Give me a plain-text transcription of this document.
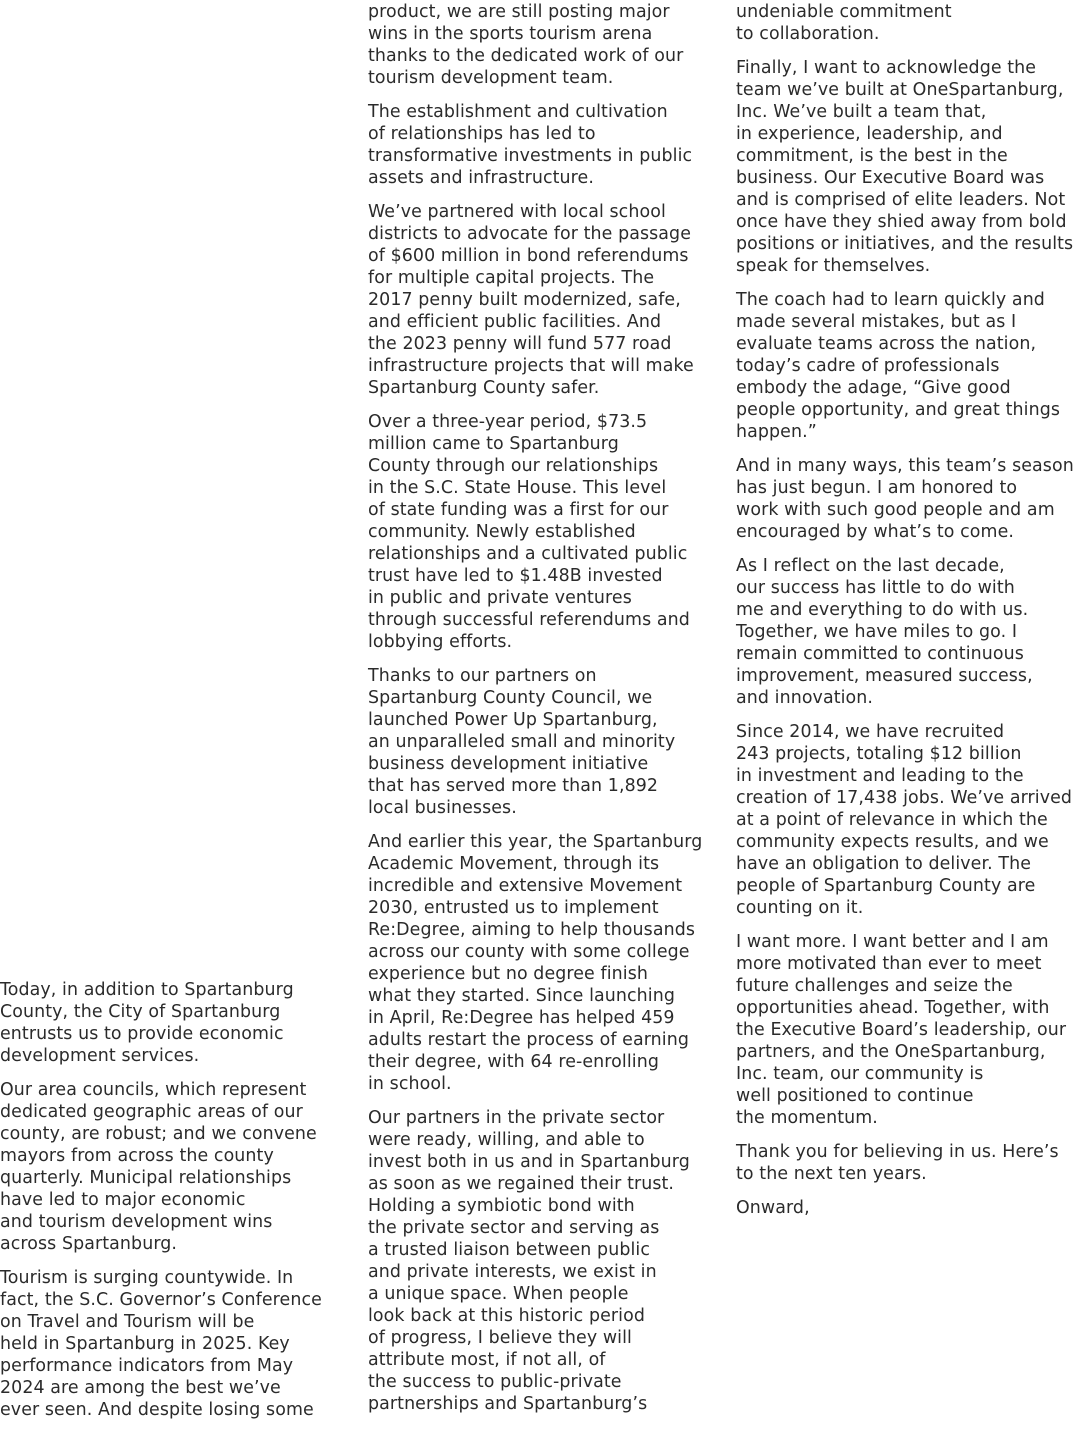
Today, in addition to Spartanburg
County, the City of Spartanburg
entrusts us to provide economic
development services.

Our area councils, which represent
dedicated geographic areas of our
county, are robust; and we convene
mayors from across the county
quarterly. Municipal relationships
have led to major economic
and tourism development wins
across Spartanburg.

Tourism is surging countywide. In
fact, the S.C. Governor’s Conference
on Travel and Tourism will be
held in Spartanburg in 2025. Key
performance indicators from May
2024 are among the best we’ve
ever seen. And despite losing some

product, we are still posting major
wins in the sports tourism arena
thanks to the dedicated work of our
tourism development team.

The establishment and cultivation
of relationships has led to
transformative investments in public
assets and infrastructure.

We’ve partnered with local school
districts to advocate for the passage
of $600 million in bond referendums
for multiple capital projects. The
2017 penny built modernized, safe,
and efficient public facilities. And
the 2023 penny will fund 577 road
infrastructure projects that will make
Spartanburg County safer.

Over a three-year period, $73.5
million came to Spartanburg
County through our relationships
in the S.C. State House. This level
of state funding was a first for our
community. Newly established
relationships and a cultivated public
trust have led to $1.48B invested
in public and private ventures
through successful referendums and
lobbying efforts.

Thanks to our partners on
Spartanburg County Council, we
launched Power Up Spartanburg,
an unparalleled small and minority
business development initiative
that has served more than 1,892
local businesses.

And earlier this year, the Spartanburg
Academic Movement, through its
incredible and extensive Movement
2030, entrusted us to implement
Re:Degree, aiming to help thousands
across our county with some college
experience but no degree finish
what they started. Since launching
in April, Re:Degree has helped 459
adults restart the process of earning
their degree, with 64 re-enrolling
in school.

Our partners in the private sector
were ready, willing, and able to
invest both in us and in Spartanburg
as soon as we regained their trust.
Holding a symbiotic bond with
the private sector and serving as
a trusted liaison between public
and private interests, we exist in
a unique space. When people
look back at this historic period
of progress, I believe they will
attribute most, if not all, of
the success to public-private
partnerships and Spartanburg’s

undeniable commitment
to collaboration.

Finally, I want to acknowledge the
team we’ve built at OneSpartanburg,
Inc. We’ve built a team that,
in experience, leadership, and
commitment, is the best in the
business. Our Executive Board was
and is comprised of elite leaders. Not
once have they shied away from bold
positions or initiatives, and the results
speak for themselves.

The coach had to learn quickly and
made several mistakes, but as I
evaluate teams across the nation,
today’s cadre of professionals
embody the adage, “Give good
people opportunity, and great things
happen.”

And in many ways, this team’s season
has just begun. I am honored to
work with such good people and am
encouraged by what’s to come.

As I reflect on the last decade,
our success has little to do with
me and everything to do with us.
Together, we have miles to go. I
remain committed to continuous
improvement, measured success,
and innovation.

Since 2014, we have recruited
243 projects, totaling $12 billion
in investment and leading to the
creation of 17,438 jobs. We’ve arrived
at a point of relevance in which the
community expects results, and we
have an obligation to deliver. The
people of Spartanburg County are
counting on it.

I want more. I want better and I am
more motivated than ever to meet
future challenges and seize the
opportunities ahead. Together, with
the Executive Board’s leadership, our
partners, and the OneSpartanburg,
Inc. team, our community is
well positioned to continue
the momentum.

Thank you for believing in us. Here’s
to the next ten years.

Onward,
